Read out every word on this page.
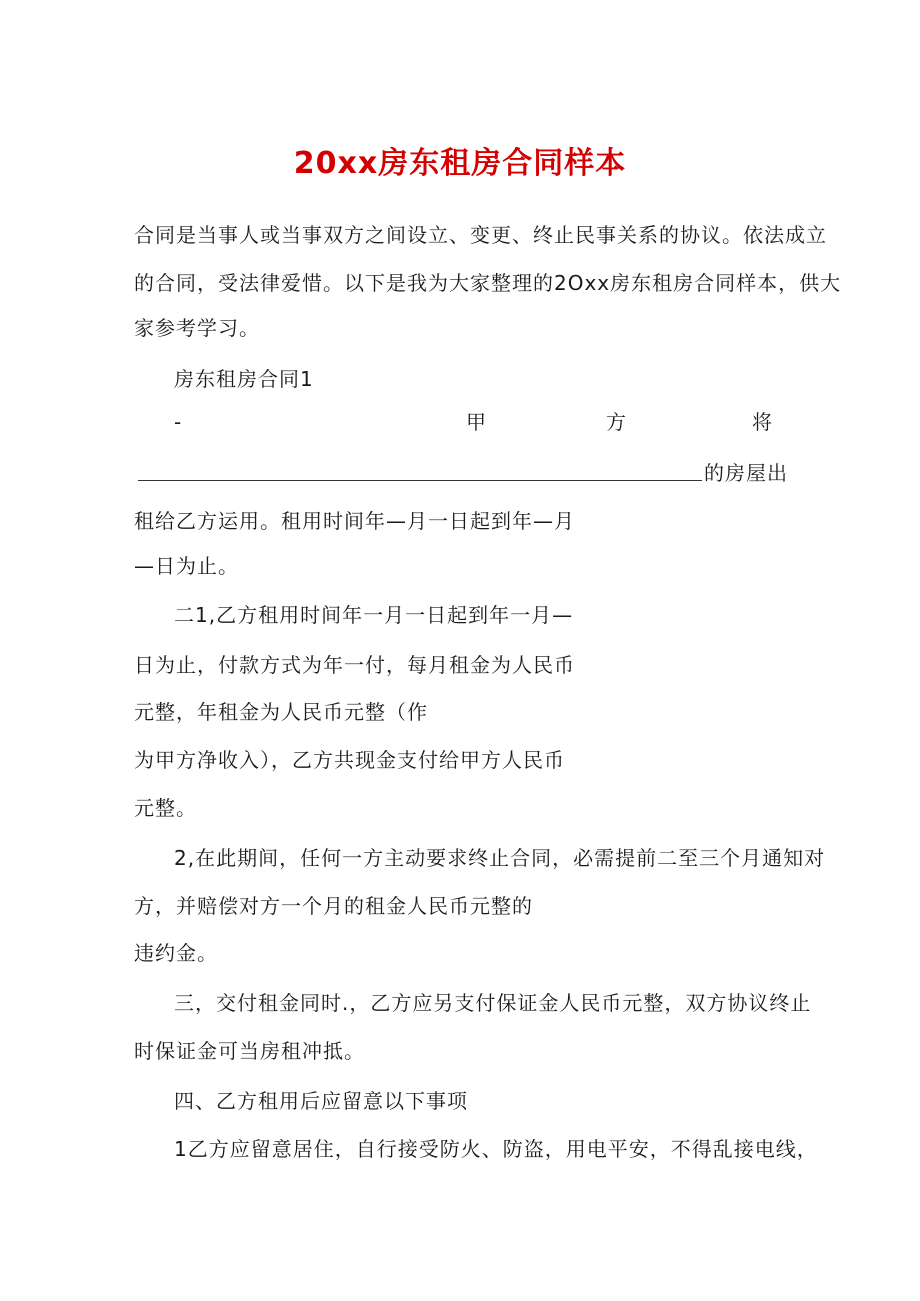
20xx房东租房合同样本
合同是当事人或当事双方之间设立、变更、终止民事关系的协议。依法成立
的合同，受法律爱惜。以下是我为大家整理的2Oxx房东租房合同样本，供大
家参考学习。
房东租房合同1
-	甲	方	将
的房屋出
租给乙方运用。租用时间年—月一日起到年—月
—日为止。
二1,乙方租用时间年一月一日起到年一月—
日为止，付款方式为年一付，每月租金为人民币
元整，年租金为人民币元整（作
为甲方净收入），乙方共现金支付给甲方人民币
元整。
2,在此期间，任何一方主动要求终止合同，必需提前二至三个月通知对
方，并赔偿对方一个月的租金人民币元整的
违约金。
三，交付租金同时.，乙方应另支付保证金人民币元整，双方协议终止
时保证金可当房租冲抵。
四、乙方租用后应留意以下事项
1乙方应留意居住，自行接受防火、防盗，用电平安，不得乱接电线，
